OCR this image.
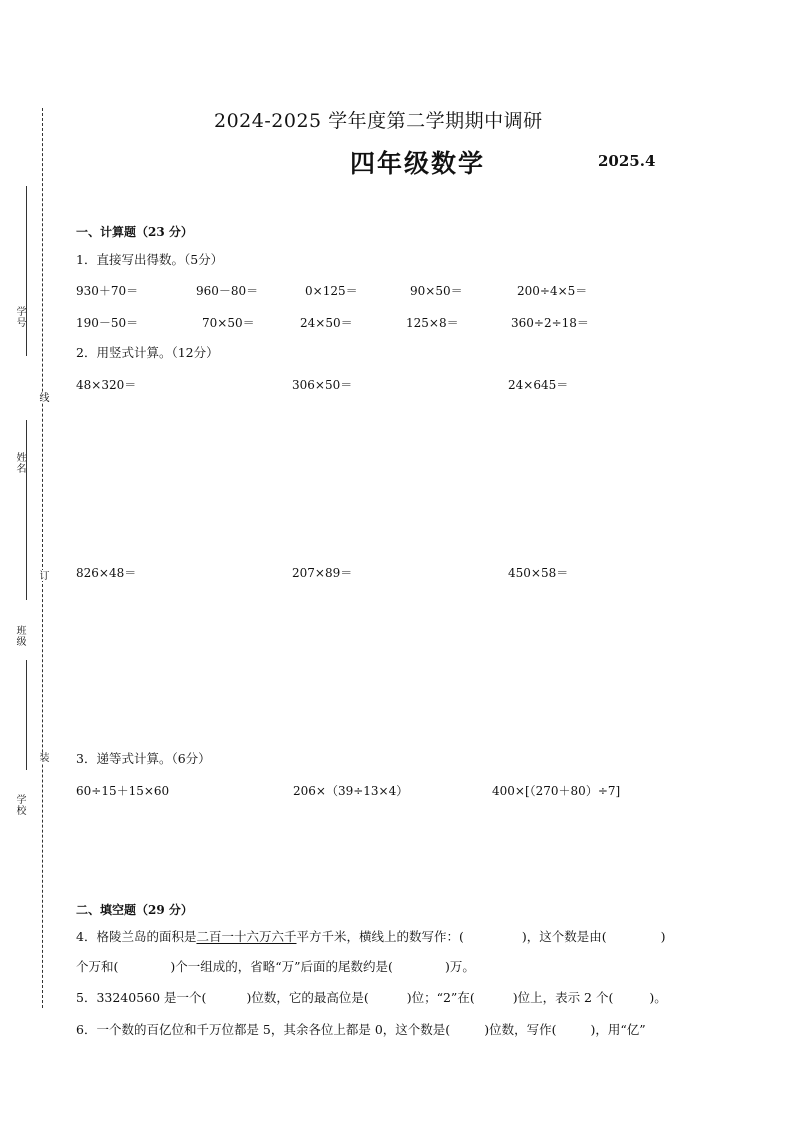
学号
姓名
班级
学校
线
订
装
2024-2025 学年度第二学期期中调研
四年级数学	2025.4
一、计算题（23 分）
1．直接写出得数。（5分）
930＋70＝	960－80＝	0×125＝	90×50＝	200÷4×5＝
190－50＝	70×50＝	24×50＝	125×8＝	360÷2÷18＝
2．用竖式计算。（12分）
48×320＝	306×50＝	24×645＝
826×48＝	207×89＝	450×58＝
3．递等式计算。（6分）
60÷15＋15×60	206×（39÷13×4）	400×[（270＋80）÷7]
二、填空题（29 分）
4．格陵兰岛的面积是二百一十六万六千平方千米，横线上的数写作：(	)，这个数是由(	)
个万和(	)个一组成的，省略“万”后面的尾数约是(	)万。
5．33240560 是一个(	)位数，它的最高位是(	)位；“2”在(	)位上，表示 2 个(	)。
6．一个数的百亿位和千万位都是 5，其余各位上都是 0，这个数是(	)位数，写作(	)，用“亿”
